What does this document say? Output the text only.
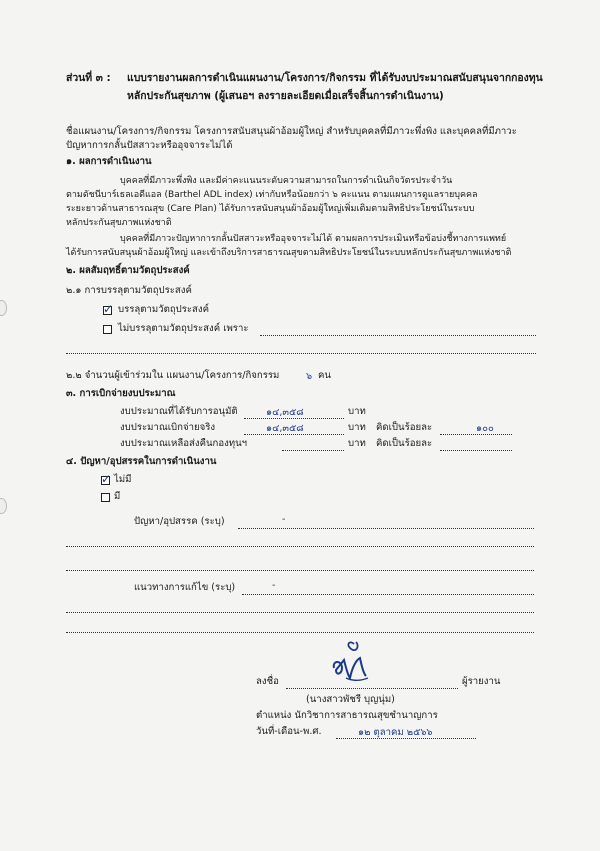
ส่วนที่ ๓ : แบบรายงานผลการดำเนินแผนงาน/โครงการ/กิจกรรม ที่ได้รับงบประมาณสนับสนุนจากกองทุน
หลักประกันสุขภาพ (ผู้เสนอฯ ลงรายละเอียดเมื่อเสร็จสิ้นการดำเนินงาน)
ชื่อแผนงาน/โครงการ/กิจกรรม โครงการสนับสนุนผ้าอ้อมผู้ใหญ่ สำหรับบุคคลที่มีภาวะพึ่งพิง และบุคคลที่มีภาวะ
ปัญหาการกลั้นปัสสาวะหรืออุจจาระไม่ได้
๑. ผลการดำเนินงาน
บุคคลที่มีภาวะพึ่งพิง และมีค่าคะแนนระดับความสามารถในการดำเนินกิจวัตรประจำวัน
ตามดัชนีบาร์เธลเอดีแอล (Barthel ADL index) เท่ากับหรือน้อยกว่า ๖ คะแนน ตามแผนการดูแลรายบุคคล
ระยะยาวด้านสาธารณสุข (Care Plan) ได้รับการสนับสนุนผ้าอ้อมผู้ใหญ่เพิ่มเติมตามสิทธิประโยชน์ในระบบ
หลักประกันสุขภาพแห่งชาติ
บุคคลที่มีภาวะปัญหาการกลั้นปัสสาวะหรืออุจจาระไม่ได้ ตามผลการประเมินหรือข้อบ่งชี้ทางการแพทย์
ได้รับการสนับสนุนผ้าอ้อมผู้ใหญ่ และเข้าถึงบริการสาธารณสุขตามสิทธิประโยชน์ในระบบหลักประกันสุขภาพแห่งชาติ
๒. ผลสัมฤทธิ์ตามวัตถุประสงค์
๒.๑ การบรรลุตามวัตถุประสงค์
✓ บรรลุตามวัตถุประสงค์
ไม่บรรลุตามวัตถุประสงค์ เพราะ
๒.๒ จำนวนผู้เข้าร่วมใน แผนงาน/โครงการ/กิจกรรม	๖ คน
๓. การเบิกจ่ายงบประมาณ
งบประมาณที่ได้รับการอนุมัติ	๑๔,๓๕๘	บาท
งบประมาณเบิกจ่ายจริง	๑๔,๓๕๘	บาท คิดเป็นร้อยละ	๑๐๐
งบประมาณเหลือส่งคืนกองทุนฯ	บาท คิดเป็นร้อยละ
๔. ปัญหา/อุปสรรคในการดำเนินงาน
✓ ไม่มี
มี
ปัญหา/อุปสรรค (ระบุ)	-
แนวทางการแก้ไข (ระบุ)	-
ลงชื่อ	ผู้รายงาน
(นางสาวพัชรี บุญนุ่ม)
ตำแหน่ง นักวิชาการสาธารณสุขชำนาญการ
วันที่-เดือน-พ.ศ.	๑๒ ตุลาคม ๒๕๖๖
